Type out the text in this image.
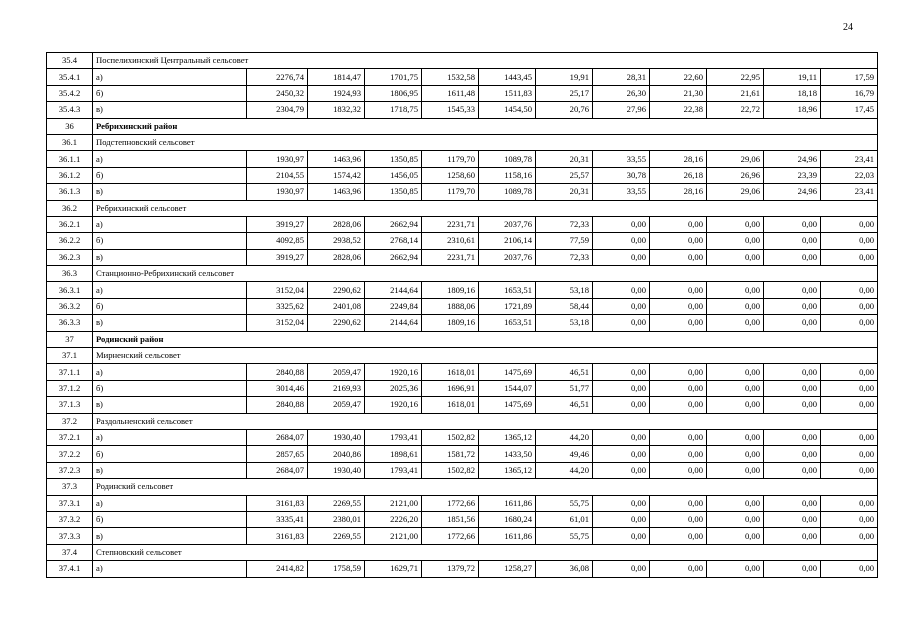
24
35.4	Поспелихинский Центральный сельсовет											
35.4.1	а)	2276,74	1814,47	1701,75	1532,58	1443,45	19,91	28,31	22,60	22,95	19,11	17,59
35.4.2	б)	2450,32	1924,93	1806,95	1611,48	1511,83	25,17	26,30	21,30	21,61	18,18	16,79
35.4.3	в)	2304,79	1832,32	1718,75	1545,33	1454,50	20,76	27,96	22,38	22,72	18,96	17,45
36	Ребрихинский район											
36.1	Подстепновский сельсовет											
36.1.1	а)	1930,97	1463,96	1350,85	1179,70	1089,78	20,31	33,55	28,16	29,06	24,96	23,41
36.1.2	б)	2104,55	1574,42	1456,05	1258,60	1158,16	25,57	30,78	26,18	26,96	23,39	22,03
36.1.3	в)	1930,97	1463,96	1350,85	1179,70	1089,78	20,31	33,55	28,16	29,06	24,96	23,41
36.2	Ребрихинский сельсовет											
36.2.1	а)	3919,27	2828,06	2662,94	2231,71	2037,76	72,33	0,00	0,00	0,00	0,00	0,00
36.2.2	б)	4092,85	2938,52	2768,14	2310,61	2106,14	77,59	0,00	0,00	0,00	0,00	0,00
36.2.3	в)	3919,27	2828,06	2662,94	2231,71	2037,76	72,33	0,00	0,00	0,00	0,00	0,00
36.3	Станционно-Ребрихинский сельсовет											
36.3.1	а)	3152,04	2290,62	2144,64	1809,16	1653,51	53,18	0,00	0,00	0,00	0,00	0,00
36.3.2	б)	3325,62	2401,08	2249,84	1888,06	1721,89	58,44	0,00	0,00	0,00	0,00	0,00
36.3.3	в)	3152,04	2290,62	2144,64	1809,16	1653,51	53,18	0,00	0,00	0,00	0,00	0,00
37	Родинский район											
37.1	Мирненский сельсовет											
37.1.1	а)	2840,88	2059,47	1920,16	1618,01	1475,69	46,51	0,00	0,00	0,00	0,00	0,00
37.1.2	б)	3014,46	2169,93	2025,36	1696,91	1544,07	51,77	0,00	0,00	0,00	0,00	0,00
37.1.3	в)	2840,88	2059,47	1920,16	1618,01	1475,69	46,51	0,00	0,00	0,00	0,00	0,00
37.2	Раздольненский сельсовет											
37.2.1	а)	2684,07	1930,40	1793,41	1502,82	1365,12	44,20	0,00	0,00	0,00	0,00	0,00
37.2.2	б)	2857,65	2040,86	1898,61	1581,72	1433,50	49,46	0,00	0,00	0,00	0,00	0,00
37.2.3	в)	2684,07	1930,40	1793,41	1502,82	1365,12	44,20	0,00	0,00	0,00	0,00	0,00
37.3	Родинский сельсовет											
37.3.1	а)	3161,83	2269,55	2121,00	1772,66	1611,86	55,75	0,00	0,00	0,00	0,00	0,00
37.3.2	б)	3335,41	2380,01	2226,20	1851,56	1680,24	61,01	0,00	0,00	0,00	0,00	0,00
37.3.3	в)	3161,83	2269,55	2121,00	1772,66	1611,86	55,75	0,00	0,00	0,00	0,00	0,00
37.4	Степновский сельсовет											
37.4.1	а)	2414,82	1758,59	1629,71	1379,72	1258,27	36,08	0,00	0,00	0,00	0,00	0,00
